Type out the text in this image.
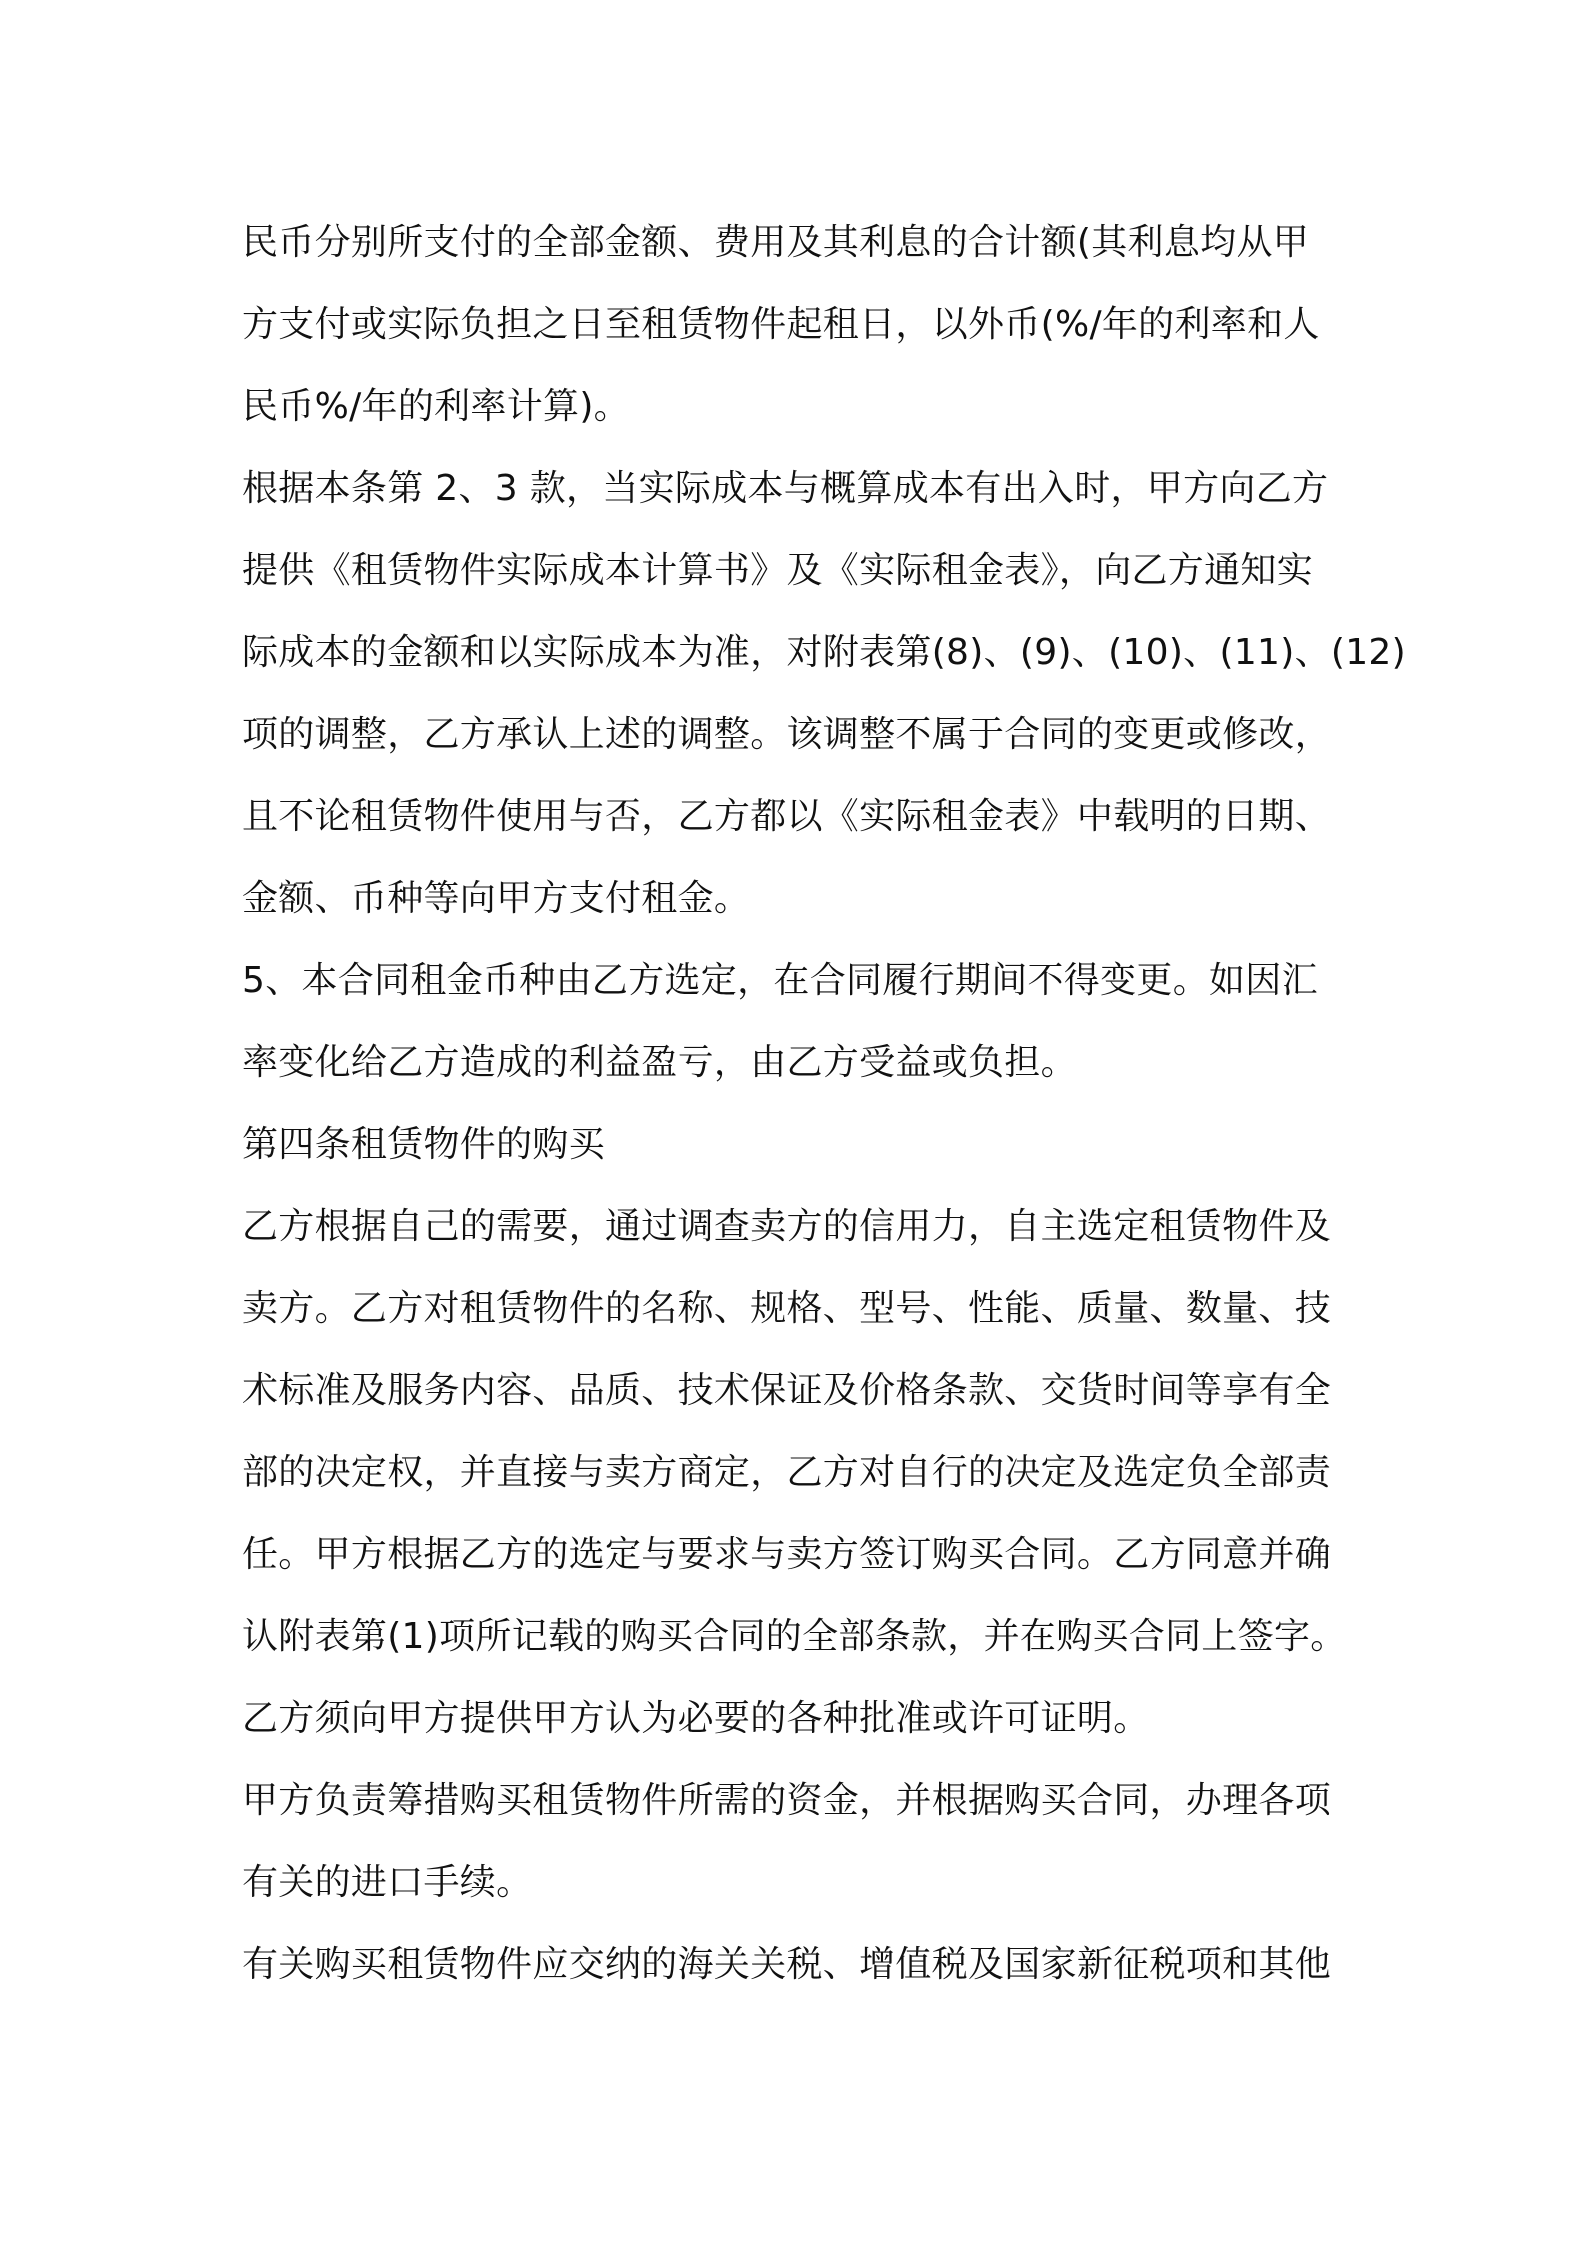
民币分别所支付的全部金额、费用及其利息的合计额(其利息均从甲
方支付或实际负担之日至租赁物件起租日，以外币(%/年的利率和人
民币%/年的利率计算)。
根据本条第 2、3 款，当实际成本与概算成本有出入时，甲方向乙方
提供《租赁物件实际成本计算书》及《实际租金表》，向乙方通知实
际成本的金额和以实际成本为准，对附表第(8)、(9)、(10)、(11)、(12)
项的调整，乙方承认上述的调整。该调整不属于合同的变更或修改，
且不论租赁物件使用与否，乙方都以《实际租金表》中载明的日期、
金额、币种等向甲方支付租金。
5、本合同租金币种由乙方选定，在合同履行期间不得变更。如因汇
率变化给乙方造成的利益盈亏，由乙方受益或负担。
第四条租赁物件的购买
乙方根据自己的需要，通过调查卖方的信用力，自主选定租赁物件及
卖方。乙方对租赁物件的名称、规格、型号、性能、质量、数量、技
术标准及服务内容、品质、技术保证及价格条款、交货时间等享有全
部的决定权，并直接与卖方商定，乙方对自行的决定及选定负全部责
任。甲方根据乙方的选定与要求与卖方签订购买合同。乙方同意并确
认附表第(1)项所记载的购买合同的全部条款，并在购买合同上签字。
乙方须向甲方提供甲方认为必要的各种批准或许可证明。
甲方负责筹措购买租赁物件所需的资金，并根据购买合同，办理各项
有关的进口手续。
有关购买租赁物件应交纳的海关关税、增值税及国家新征税项和其他
